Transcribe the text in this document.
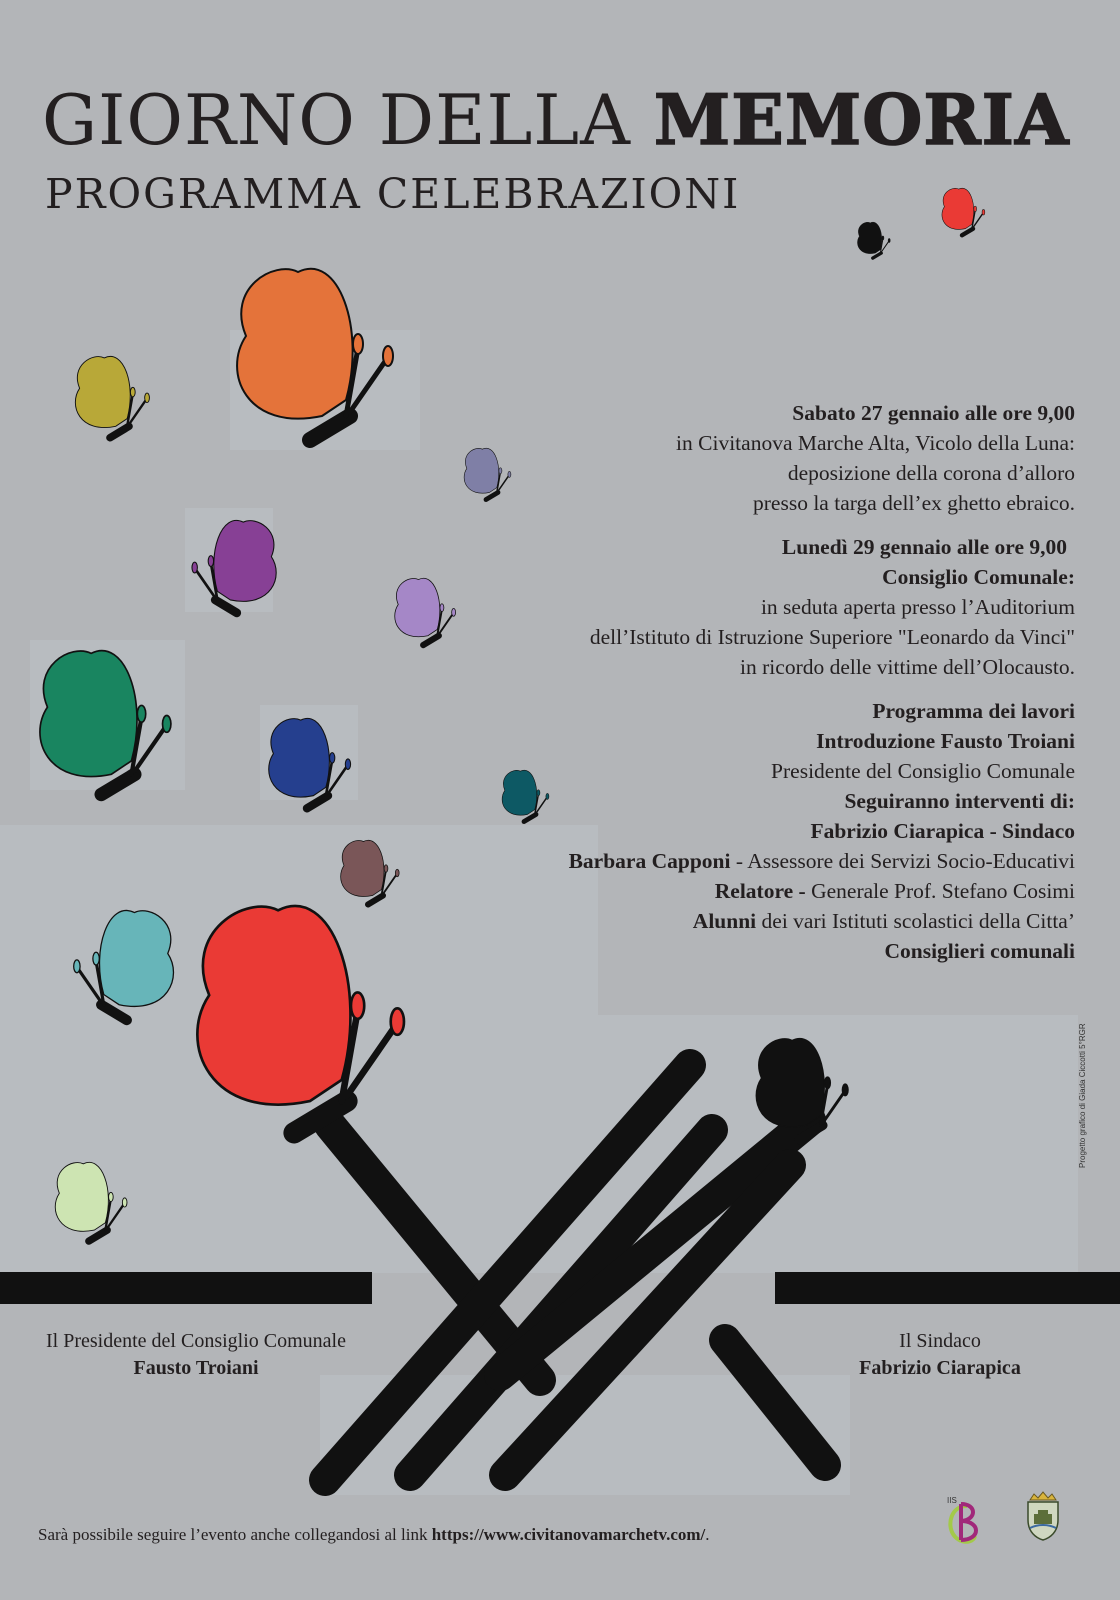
GIORNO DELLA MEMORIA
PROGRAMMA CELEBRAZIONI

Sabato 27 gennaio alle ore 9,00

in Civitanova Marche Alta, Vicolo della Luna:

deposizione della corona d’alloro

presso la targa dell’ex ghetto ebraico.

Lunedì 29 gennaio alle ore 9,00

Consiglio Comunale:

in seduta aperta presso l’Auditorium

dell’Istituto di Istruzione Superiore "Leonardo da Vinci"

in ricordo delle vittime dell’Olocausto.

Programma dei lavori

Introduzione Fausto Troiani

Presidente del Consiglio Comunale

Seguiranno interventi di:

Fabrizio Ciarapica - Sindaco

Barbara Capponi - Assessore dei Servizi Socio-Educativi

Relatore - Generale Prof. Stefano Cosimi

Alunni dei vari Istituti scolastici della Citta’

Consiglieri comunali

Il Presidente del Consiglio Comunale
Fausto Troiani
Il Sindaco
Fabrizio Ciarapica
Progetto grafico di Giada Ciccotti 5°RGR
Sarà possibile seguire l’evento anche collegandosi al link https://www.civitanovamarchetv.com/.
IIS
